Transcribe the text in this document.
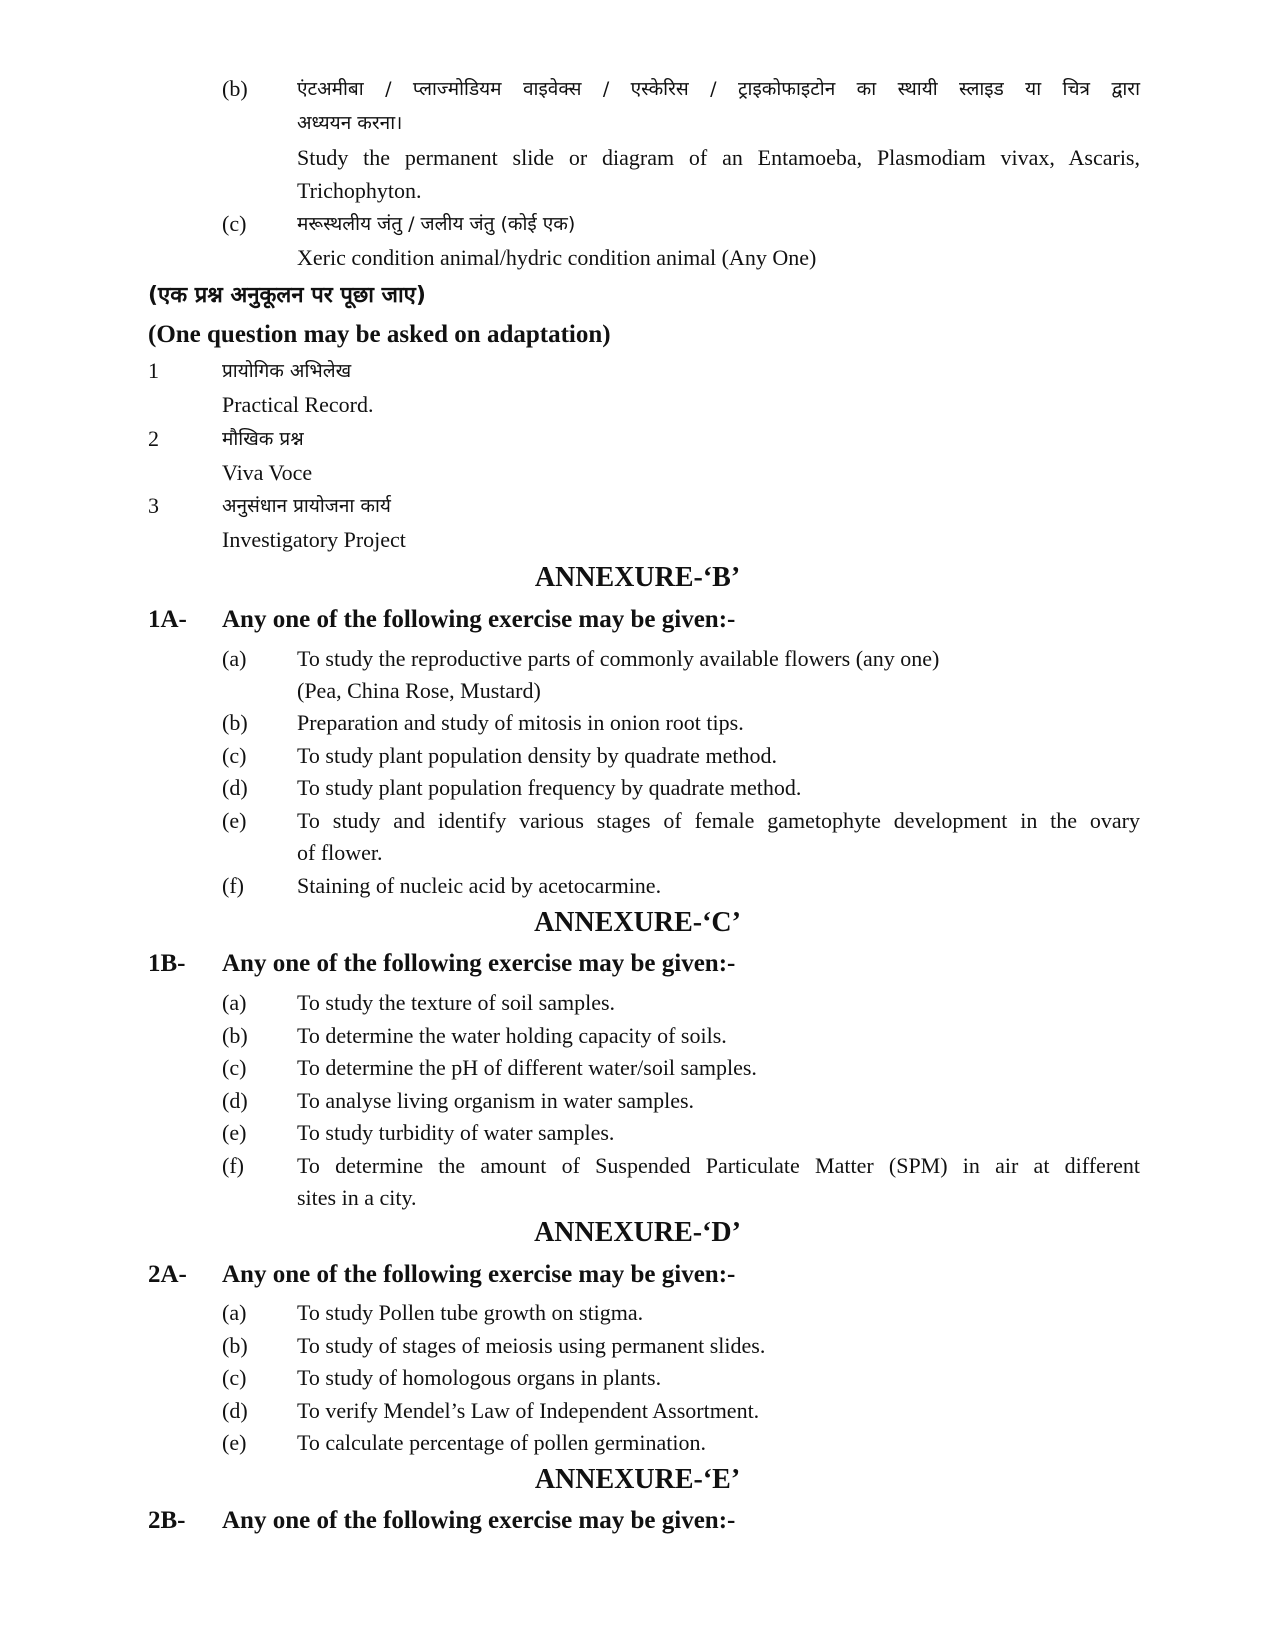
(b)	एंटअमीबा / प्लाज्मोडियम वाइवेक्स / एस्केरिस / ट्राइकोफाइटोन का स्थायी स्लाइड या चित्र द्वारा
अध्ययन करना।
Study the permanent slide or diagram of an Entamoeba, Plasmodiam vivax, Ascaris,
Trichophyton.
(c)	मरूस्थलीय जंतु / जलीय जंतु (कोई एक)
Xeric condition animal/hydric condition animal (Any One)
(एक प्रश्न अनुकूलन पर पूछा जाए)
(One question may be asked on adaptation)
1	प्रायोगिक अभिलेख
Practical Record.
2	मौखिक प्रश्न
Viva Voce
3	अनुसंधान प्रायोजना कार्य
Investigatory Project
ANNEXURE-‘B’
1A- Any one of the following exercise may be given:-
(a) To study the reproductive parts of commonly available flowers (any one)
(Pea, China Rose, Mustard)
(b) Preparation and study of mitosis in onion root tips.
(c) To study plant population density by quadrate method.
(d) To study plant population frequency by quadrate method.
(e) To study and identify various stages of female gametophyte development in the ovary
of flower.
(f) Staining of nucleic acid by acetocarmine.
ANNEXURE-‘C’
1B- Any one of the following exercise may be given:-
(a) To study the texture of soil samples.
(b) To determine the water holding capacity of soils.
(c) To determine the pH of different water/soil samples.
(d) To analyse living organism in water samples.
(e) To study turbidity of water samples.
(f) To determine the amount of Suspended Particulate Matter (SPM) in air at different
sites in a city.
ANNEXURE-‘D’
2A- Any one of the following exercise may be given:-
(a) To study Pollen tube growth on stigma.
(b) To study of stages of meiosis using permanent slides.
(c) To study of homologous organs in plants.
(d) To verify Mendel’s Law of Independent Assortment.
(e) To calculate percentage of pollen germination.
ANNEXURE-‘E’
2B- Any one of the following exercise may be given:-
